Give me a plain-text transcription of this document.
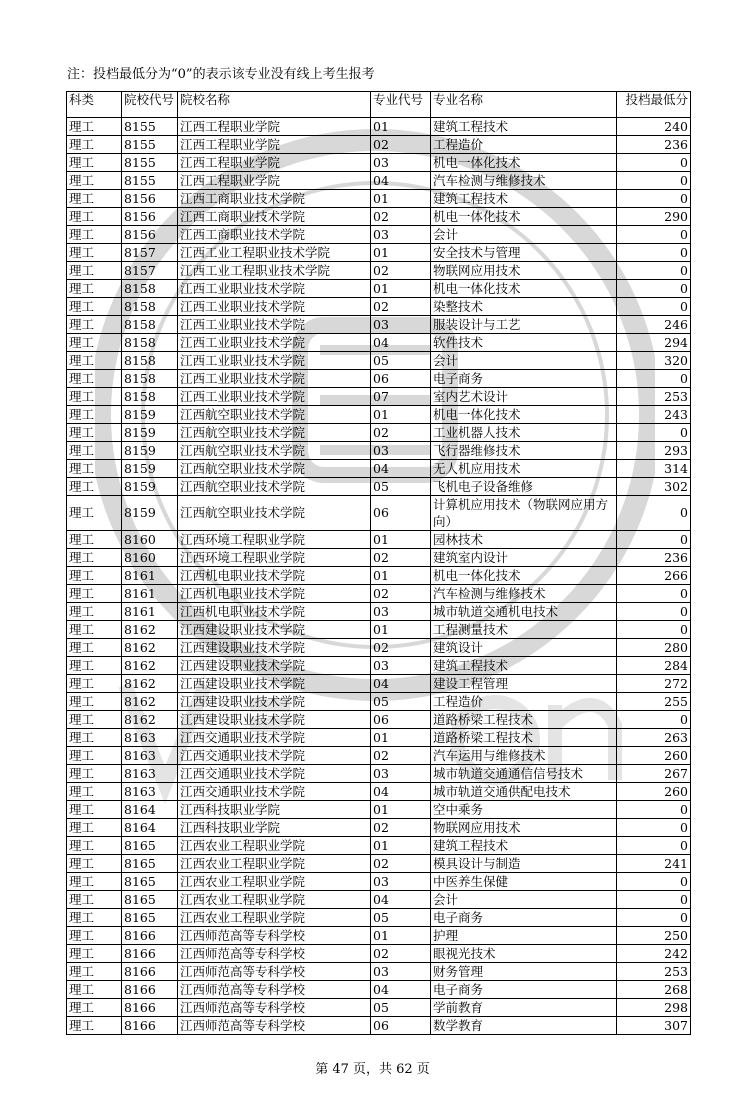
注：投档最低分为“0”的表示该专业没有线上考生报考
科类	院校代号	院校名称	专业代号	专业名称	投档最低分
理工	8155	江西工程职业学院	01	建筑工程技术	240
理工	8155	江西工程职业学院	02	工程造价	236
理工	8155	江西工程职业学院	03	机电一体化技术	0
理工	8155	江西工程职业学院	04	汽车检测与维修技术	0
理工	8156	江西工商职业技术学院	01	建筑工程技术	0
理工	8156	江西工商职业技术学院	02	机电一体化技术	290
理工	8156	江西工商职业技术学院	03	会计	0
理工	8157	江西工业工程职业技术学院	01	安全技术与管理	0
理工	8157	江西工业工程职业技术学院	02	物联网应用技术	0
理工	8158	江西工业职业技术学院	01	机电一体化技术	0
理工	8158	江西工业职业技术学院	02	染整技术	0
理工	8158	江西工业职业技术学院	03	服装设计与工艺	246
理工	8158	江西工业职业技术学院	04	软件技术	294
理工	8158	江西工业职业技术学院	05	会计	320
理工	8158	江西工业职业技术学院	06	电子商务	0
理工	8158	江西工业职业技术学院	07	室内艺术设计	253
理工	8159	江西航空职业技术学院	01	机电一体化技术	243
理工	8159	江西航空职业技术学院	02	工业机器人技术	0
理工	8159	江西航空职业技术学院	03	飞行器维修技术	293
理工	8159	江西航空职业技术学院	04	无人机应用技术	314
理工	8159	江西航空职业技术学院	05	飞机电子设备维修	302
理工	8159	江西航空职业技术学院	06	计算机应用技术（物联网应用方向）	0
理工	8160	江西环境工程职业学院	01	园林技术	0
理工	8160	江西环境工程职业学院	02	建筑室内设计	236
理工	8161	江西机电职业技术学院	01	机电一体化技术	266
理工	8161	江西机电职业技术学院	02	汽车检测与维修技术	0
理工	8161	江西机电职业技术学院	03	城市轨道交通机电技术	0
理工	8162	江西建设职业技术学院	01	工程测量技术	0
理工	8162	江西建设职业技术学院	02	建筑设计	280
理工	8162	江西建设职业技术学院	03	建筑工程技术	284
理工	8162	江西建设职业技术学院	04	建设工程管理	272
理工	8162	江西建设职业技术学院	05	工程造价	255
理工	8162	江西建设职业技术学院	06	道路桥梁工程技术	0
理工	8163	江西交通职业技术学院	01	道路桥梁工程技术	263
理工	8163	江西交通职业技术学院	02	汽车运用与维修技术	260
理工	8163	江西交通职业技术学院	03	城市轨道交通通信信号技术	267
理工	8163	江西交通职业技术学院	04	城市轨道交通供配电技术	260
理工	8164	江西科技职业学院	01	空中乘务	0
理工	8164	江西科技职业学院	02	物联网应用技术	0
理工	8165	江西农业工程职业学院	01	建筑工程技术	0
理工	8165	江西农业工程职业学院	02	模具设计与制造	241
理工	8165	江西农业工程职业学院	03	中医养生保健	0
理工	8165	江西农业工程职业学院	04	会计	0
理工	8165	江西农业工程职业学院	05	电子商务	0
理工	8166	江西师范高等专科学校	01	护理	250
理工	8166	江西师范高等专科学校	02	眼视光技术	242
理工	8166	江西师范高等专科学校	03	财务管理	253
理工	8166	江西师范高等专科学校	04	电子商务	268
理工	8166	江西师范高等专科学校	05	学前教育	298
理工	8166	江西师范高等专科学校	06	数学教育	307
第 47 页，共 62 页
